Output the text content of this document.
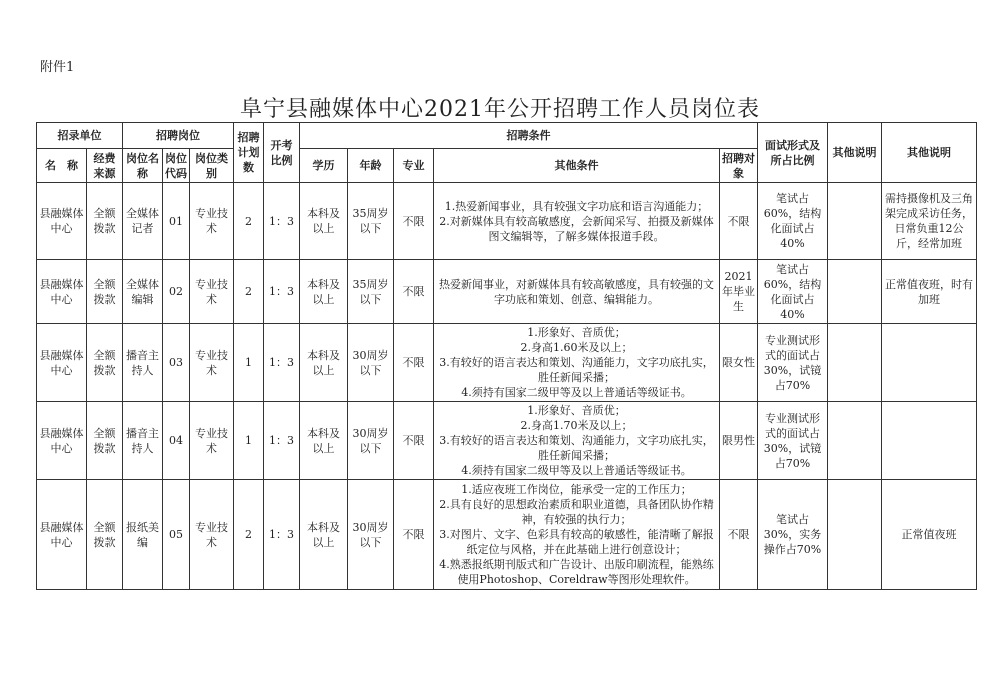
附件1
阜宁县融媒体中心2021年公开招聘工作人员岗位表
招录单位		招聘岗位			招聘计划数	开考比例	招聘条件					面试形式及所占比例	其他说明	其他说明
名　称	经费来源	岗位名称	岗位代码	岗位类别			学历	年龄	专业	其他条件	招聘对象			
县融媒体中心	全额拨款	全媒体记者	01	专业技术	2	1：3	本科及以上	35周岁以下	不限	1.热爱新闻事业，具有较强文字功底和语言沟通能力；
2.对新媒体具有较高敏感度，会新闻采写、拍摄及新媒体图文编辑等，了解多媒体报道手段。	不限	笔试占60%，结构化面试占40%		需持摄像机及三角架完成采访任务，日常负重12公斤，经常加班
县融媒体中心	全额拨款	全媒体编辑	02	专业技术	2	1：3	本科及以上	35周岁以下	不限	热爱新闻事业，对新媒体具有较高敏感度，具有较强的文字功底和策划、创意、编辑能力。	2021年毕业生	笔试占60%，结构化面试占40%		正常值夜班，时有加班
县融媒体中心	全额拨款	播音主持人	03	专业技术	1	1：3	本科及以上	30周岁以下	不限	1.形象好、音质优；
2.身高1.60米及以上；
3.有较好的语言表达和策划、沟通能力，文字功底扎实，胜任新闻采播；
4.须持有国家二级甲等及以上普通话等级证书。	限女性	专业测试形式的面试占30%，试镜占70%		
县融媒体中心	全额拨款	播音主持人	04	专业技术	1	1：3	本科及以上	30周岁以下	不限	1.形象好、音质优；
2.身高1.70米及以上；
3.有较好的语言表达和策划、沟通能力，文字功底扎实，胜任新闻采播；
4.须持有国家二级甲等及以上普通话等级证书。	限男性	专业测试形式的面试占30%，试镜占70%		
县融媒体中心	全额拨款	报纸美编	05	专业技术	2	1：3	本科及以上	30周岁以下	不限	1.适应夜班工作岗位，能承受一定的工作压力；
2.具有良好的思想政治素质和职业道德，具备团队协作精神，有较强的执行力；
3.对图片、文字、色彩具有较高的敏感性，能清晰了解报纸定位与风格，并在此基础上进行创意设计；
4.熟悉报纸期刊版式和广告设计、出版印刷流程，能熟练使用Photoshop、Coreldraw等图形处理软件。	不限	笔试占30%，实务操作占70%		正常值夜班
